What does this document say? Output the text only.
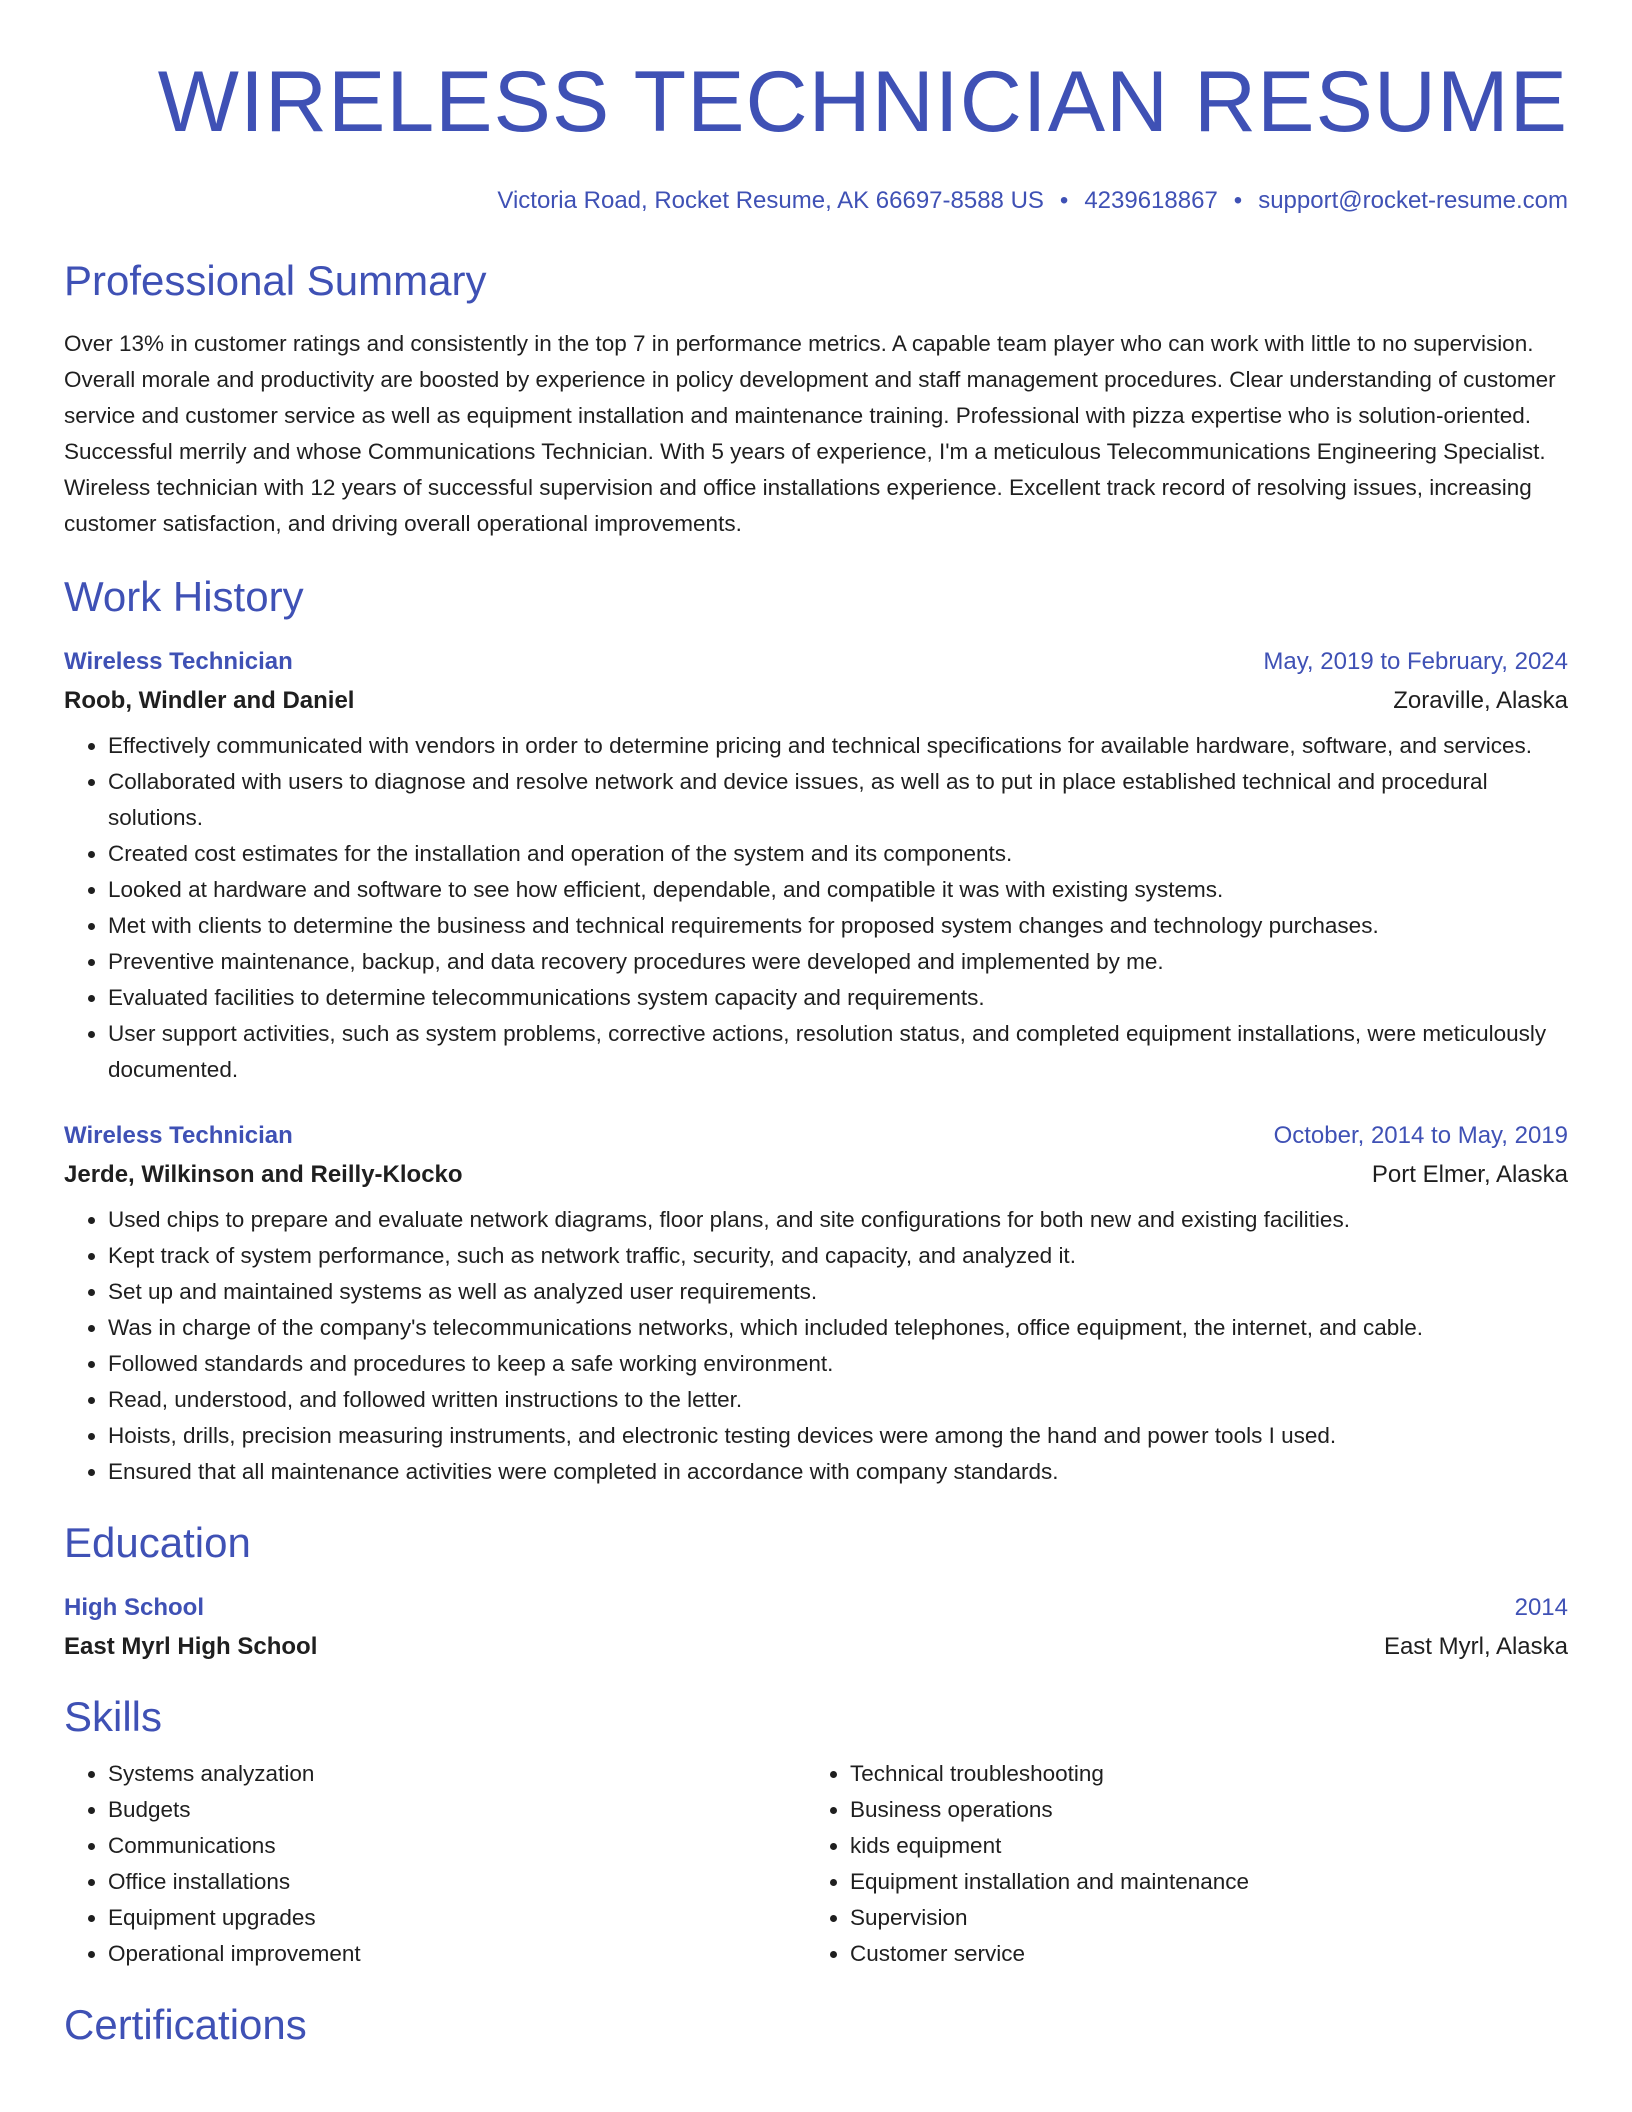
WIRELESS TECHNICIAN RESUME
Victoria Road, Rocket Resume, AK 66697-8588 US • 4239618867 • support@rocket-resume.com
Professional Summary

Over 13% in customer ratings and consistently in the top 7 in performance metrics. A capable team player who can work with little to no supervision. Overall morale and productivity are boosted by experience in policy development and staff management procedures. Clear understanding of customer service and customer service as well as equipment installation and maintenance training. Professional with pizza expertise who is solution-oriented. Successful merrily and whose Communications Technician. With 5 years of experience, I'm a meticulous Telecommunications Engineering Specialist. Wireless technician with 12 years of successful supervision and office installations experience. Excellent track record of resolving issues, increasing customer satisfaction, and driving overall operational improvements.

Work History
Wireless Technician	May, 2019 to February, 2024
Roob, Windler and Daniel	Zoraville, Alaska
• Effectively communicated with vendors in order to determine pricing and technical specifications for available hardware, software, and services.
• Collaborated with users to diagnose and resolve network and device issues, as well as to put in place established technical and procedural solutions.
• Created cost estimates for the installation and operation of the system and its components.
• Looked at hardware and software to see how efficient, dependable, and compatible it was with existing systems.
• Met with clients to determine the business and technical requirements for proposed system changes and technology purchases.
• Preventive maintenance, backup, and data recovery procedures were developed and implemented by me.
• Evaluated facilities to determine telecommunications system capacity and requirements.
• User support activities, such as system problems, corrective actions, resolution status, and completed equipment installations, were meticulously documented.
Wireless Technician	October, 2014 to May, 2019
Jerde, Wilkinson and Reilly-Klocko	Port Elmer, Alaska
• Used chips to prepare and evaluate network diagrams, floor plans, and site configurations for both new and existing facilities.
• Kept track of system performance, such as network traffic, security, and capacity, and analyzed it.
• Set up and maintained systems as well as analyzed user requirements.
• Was in charge of the company's telecommunications networks, which included telephones, office equipment, the internet, and cable.
• Followed standards and procedures to keep a safe working environment.
• Read, understood, and followed written instructions to the letter.
• Hoists, drills, precision measuring instruments, and electronic testing devices were among the hand and power tools I used.
• Ensured that all maintenance activities were completed in accordance with company standards.
Education
High School	2014
East Myrl High School	East Myrl, Alaska
Skills
• Systems analyzation
• Budgets
• Communications
• Office installations
• Equipment upgrades
• Operational improvement
• Technical troubleshooting
• Business operations
• kids equipment
• Equipment installation and maintenance
• Supervision
• Customer service
Certifications
